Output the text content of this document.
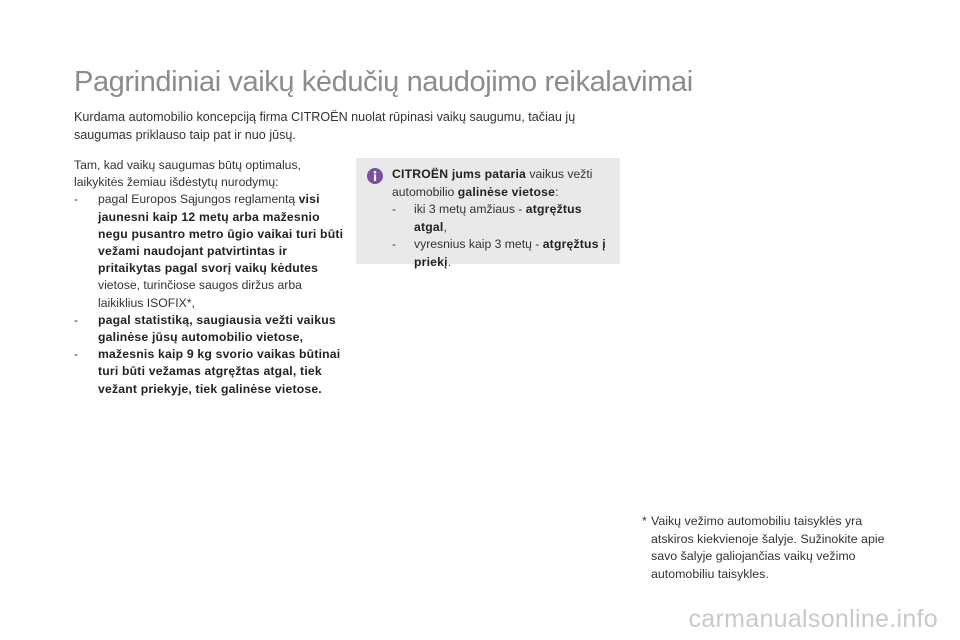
Pagrindiniai vaikų kėdučių naudojimo reikalavimai
Kurdama automobilio koncepciją firma CITROËN nuolat rūpinasi vaikų saugumu, tačiau jų saugumas priklauso taip pat ir nuo jūsų.

Tam, kad vaikų saugumas būtų optimalus, laikykitės žemiau išdėstytų nurodymų:

- pagal Europos Sąjungos reglamentą visi jaunesni kaip 12 metų arba mažesnio negu pusantro metro ūgio vaikai turi būti vežami naudojant patvirtintas ir pritaikytas pagal svorį vaikų kėdutes vietose, turinčiose saugos diržus arba laikiklius ISOFIX*,
- pagal statistiką, saugiausia vežti vaikus galinėse jūsų automobilio vietose,
- mažesnis kaip 9 kg svorio vaikas būtinai turi būti vežamas atgręžtas atgal, tiek vežant priekyje, tiek galinėse vietose.

CITROËN jums pataria vaikus vežti automobilio galinėse vietose:

- iki 3 metų amžiaus - atgręžtus atgal,
- vyresnius kaip 3 metų - atgręžtus į priekį.
* Vaikų vežimo automobiliu taisyklės yra atskiros kiekvienoje šalyje. Sužinokite apie savo šalyje galiojančias vaikų vežimo automobiliu taisykles.
carmanualsonline.info
